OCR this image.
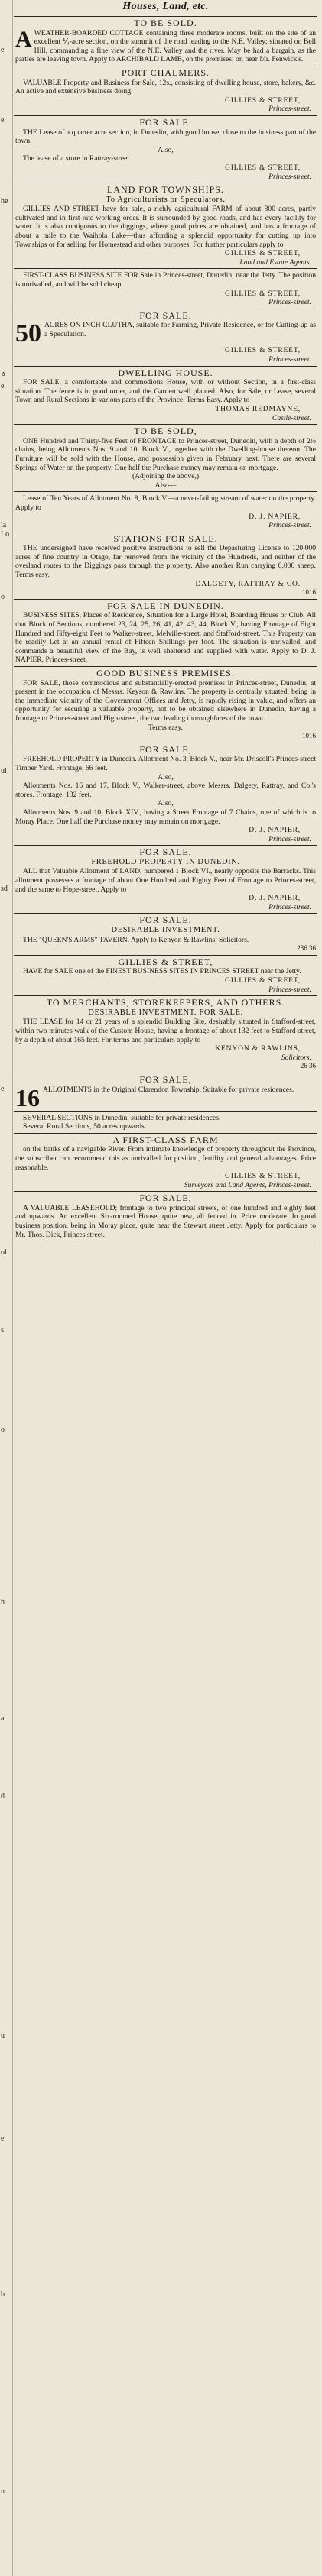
e
e
he
A
e
la
Lo
o
ul
sd
e
ol
s
o
h
a
d
u
e
b
n
Houses, Land, etc.
TO BE SOLD.

AWEATHER-BOARDED COTTAGE containing three moderate rooms, built on the site of an excellent ⅟₄-acre section, on the summit of the road leading to the N.E. Valley; situated on Bell Hill, commanding a fine view of the N.E. Valley and the river. May be had a bargain, as the parties are leaving town. Apply to ARCHIBALD LAMB, on the premises; or, near Mr. Fenwick's.

PORT CHALMERS.

VALUABLE Property and Business for Sale, 12s., consisting of dwelling house, store, bakery, &c. An active and extensive business doing.

GILLIES & STREET,
Princes-street.
FOR SALE.

THE Lease of a quarter acre section, in Dunedin, with good house, close to the business part of the town.

Also,

The lease of a store in Rattray-street.

GILLIES & STREET,
Princes-street.
LAND FOR TOWNSHIPS.
To Agriculturists or Speculators.

GILLIES AND STREET have for sale, a richly agricultural FARM of about 300 acres, partly cultivated and in first-rate working order. It is surrounded by good roads, and has every facility for water. It is also contiguous to the diggings, where good prices are obtained, and has a frontage of about a mile to the Waihola Lake—thus affording a splendid opportunity for cutting up into Townships or for selling for Homestead and other purposes. For further particulars apply to

GILLIES & STREET,
Land and Estate Agents.

FIRST-CLASS BUSINESS SITE FOR Sale in Princes-street, Dunedin, near the Jetty. The position is unrivalled, and will be sold cheap.

GILLIES & STREET,
Princes-street.
FOR SALE.

50 ACRES ON INCH CLUTHA, suitable for Farming, Private Residence, or for Cutting-up as a Speculation.

GILLIES & STREET,
Princes-street.
DWELLING HOUSE.

FOR SALE, a comfortable and commodious House, with or without Section, in a first-class situation. The fence is in good order, and the Garden well planted. Also, for Sale, or Lease, several Town and Rural Sections in various parts of the Province. Terms Easy. Apply to

THOMAS REDMAYNE,
Castle-street.
TO BE SOLD,

ONE Hundred and Thirty-five Feet of FRONTAGE to Princes-street, Dunedin, with a depth of 2½ chains, being Allotments Nos. 9 and 10, Block V., together with the Dwelling-house thereon. The Furniture will be sold with the House, and possession given in February next. There are several Springs of Water on the property. One half the Purchase money may remain on mortgage.

(Adjoining the above,)

Also—

Lease of Ten Years of Allotment No. 8, Block V.—a never-failing stream of water on the property. Apply to

D. J. NAPIER,
Princes-street.
STATIONS FOR SALE.

THE undersigned have received positive instructions to sell the Depasturing License to 120,000 acres of fine country in Otago, far removed from the vicinity of the Hundreds, and neither of the overland routes to the Diggings pass through the property. Also another Run carrying 6,000 sheep. Terms easy.

DALGETY, RATTRAY & CO.
1016
FOR SALE IN DUNEDIN.

BUSINESS SITES, Places of Residence, Situation for a Large Hotel, Boarding House or Club, All that Block of Sections, numbered 23, 24, 25, 26, 41, 42, 43, 44, Block V., having Frontage of Eight Hundred and Fifty-eight Feet to Walker-street, Melville-street, and Stafford-street. This Property can be readily Let at an annual rental of Fifteen Shillings per foot. The situation is unrivalled, and commands a beautiful view of the Bay, is well sheltered and supplied with water. Apply to D. J. NAPIER, Princes-street.

GOOD BUSINESS PREMISES.

FOR SALE, those commodious and substantially-erected premises in Princes-street, Dunedin, at present in the occupation of Messrs. Keyson & Rawlins. The property is centrally situated, being in the immediate vicinity of the Government Offices and Jetty, is rapidly rising in value, and offers an opportunity for securing a valuable property, not to be obtained elsewhere in Dunedin, having a frontage to Princes-street and High-street, the two leading thoroughfares of the town.

Terms easy.

1016
FOR SALE,

FREEHOLD PROPERTY in Dunedin. Allotment No. 3, Block V., near Mr. Driscoll's Princes-street Timber Yard. Frontage, 66 feet.

Also,

Allotments Nos. 16 and 17, Block V., Walker-street, above Messrs. Dalgety, Rattray, and Co.'s stores. Frontage, 132 feet.

Also,

Allotments Nos. 9 and 10, Block XIV., having a Street Frontage of 7 Chains, one of which is to Moray Place. One half the Purchase money may remain on mortgage.

D. J. NAPIER,
Princes-street.
FOR SALE,
FREEHOLD PROPERTY IN DUNEDIN.

ALL that Valuable Allotment of LAND, numbered 1 Block VI., nearly opposite the Barracks. This allotment possesses a frontage of about One Hundred and Eighty Feet of Frontage to Princes-street, and the same to Hope-street. Apply to

D. J. NAPIER,
Princes-street.
FOR SALE.
DESIRABLE INVESTMENT.

THE "QUEEN'S ARMS" TAVERN. Apply to Kenyon & Rawlins, Solicitors.

236 36
GILLIES & STREET,

HAVE for SALE one of the FINEST BUSINESS SITES IN PRINCES STREET near the Jetty.

GILLIES & STREET,
Princes-street.
TO MERCHANTS, STOREKEEPERS, AND OTHERS.
DESIRABLE INVESTMENT. FOR SALE.

THE LEASE for 14 or 21 years of a splendid Building Site, desirably situated in Stafford-street, within two minutes walk of the Custom House, having a frontage of about 132 feet to Stafford-street, by a depth of about 165 feet. For terms and particulars apply to

KENYON & RAWLINS,
Solicitors.
26 36
FOR SALE,

16 ALLOTMENTS in the Original Clarendon Township. Suitable for private residences.

SEVERAL SECTIONS in Dunedin, suitable for private residences.

Several Rural Sections, 50 acres upwards

A FIRST-CLASS FARM

on the banks of a navigable River. From intimate knowledge of property throughout the Province, the subscriber can recommend this as unrivalled for position, fertility and general advantages. Price reasonable.

GILLIES & STREET,
Surveyors and Land Agents, Princes-street.
FOR SALE,

A VALUABLE LEASEHOLD; frontage to two principal streets, of one hundred and eighty feet and upwards. An excellent Six-roomed House, quite new, all fenced in. Price moderate. In good business position, being in Moray place, quite near the Stewart street Jetty. Apply for particulars to Mr. Thos. Dick, Princes street.
